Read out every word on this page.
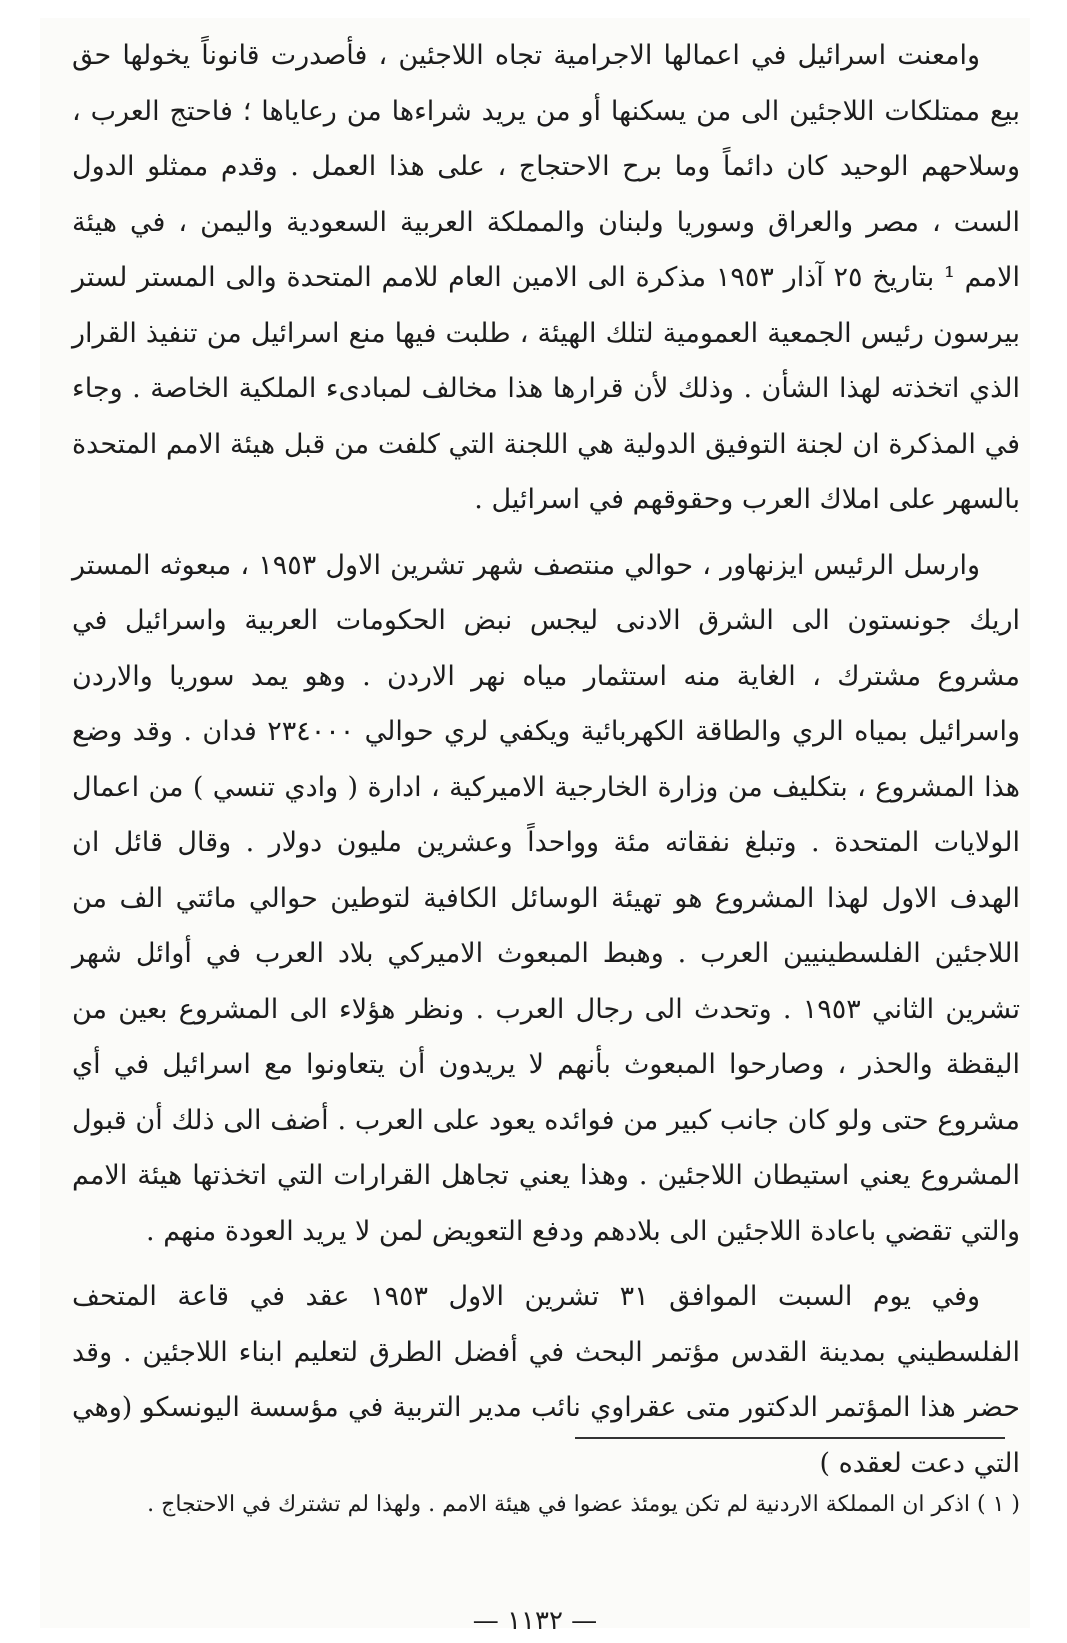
وامعنت اسرائيل في اعمالها الاجرامية تجاه اللاجئين ، فأصدرت قانوناً يخولها حق بيع ممتلكات اللاجئين الى من يسكنها أو من يريد شراءها من رعاياها ؛ فاحتج العرب ، وسلاحهم الوحيد كان دائماً وما برح الاحتجاج ، على هذا العمل . وقدم ممثلو الدول الست ، مصر والعراق وسوريا ولبنان والمملكة العربية السعودية واليمن ، في هيئة الامم ¹ بتاريخ ٢٥ آذار ١٩٥٣ مذكرة الى الامين العام للامم المتحدة والى المستر لستر بيرسون رئيس الجمعية العمومية لتلك الهيئة ، طلبت فيها منع اسرائيل من تنفيذ القرار الذي اتخذته لهذا الشأن . وذلك لأن قرارها هذا مخالف لمبادىء الملكية الخاصة . وجاء في المذكرة ان لجنة التوفيق الدولية هي اللجنة التي كلفت من قبل هيئة الامم المتحدة بالسهر على املاك العرب وحقوقهم في اسرائيل .

وارسل الرئيس ايزنهاور ، حوالي منتصف شهر تشرين الاول ١٩٥٣ ، مبعوثه المستر اريك جونستون الى الشرق الادنى ليجس نبض الحكومات العربية واسرائيل في مشروع مشترك ، الغاية منه استثمار مياه نهر الاردن . وهو يمد سوريا والاردن واسرائيل بمياه الري والطاقة الكهربائية ويكفي لري حوالي ٢٣٤٠٠٠ فدان . وقد وضع هذا المشروع ، بتكليف من وزارة الخارجية الاميركية ، ادارة ( وادي تنسي ) من اعمال الولايات المتحدة . وتبلغ نفقاته مئة وواحداً وعشرين مليون دولار . وقال قائل ان الهدف الاول لهذا المشروع هو تهيئة الوسائل الكافية لتوطين حوالي مائتي الف من اللاجئين الفلسطينيين العرب . وهبط المبعوث الاميركي بلاد العرب في أوائل شهر تشرين الثاني ١٩٥٣ . وتحدث الى رجال العرب . ونظر هؤلاء الى المشروع بعين من اليقظة والحذر ، وصارحوا المبعوث بأنهم لا يريدون أن يتعاونوا مع اسرائيل في أي مشروع حتى ولو كان جانب كبير من فوائده يعود على العرب . أضف الى ذلك أن قبول المشروع يعني استيطان اللاجئين . وهذا يعني تجاهل القرارات التي اتخذتها هيئة الامم والتي تقضي باعادة اللاجئين الى بلادهم ودفع التعويض لمن لا يريد العودة منهم .

وفي يوم السبت الموافق ٣١ تشرين الاول ١٩٥٣ عقد في قاعة المتحف الفلسطيني بمدينة القدس مؤتمر البحث في أفضل الطرق لتعليم ابناء اللاجئين . وقد حضر هذا المؤتمر الدكتور متى عقراوي نائب مدير التربية في مؤسسة اليونسكو (وهي التي دعت لعقده )

( ١ ) اذكر ان المملكة الاردنية لم تكن يومئذ عضوا في هيئة الامم . ولهذا لم تشترك في الاحتجاج .

— ١١٣٢ —
